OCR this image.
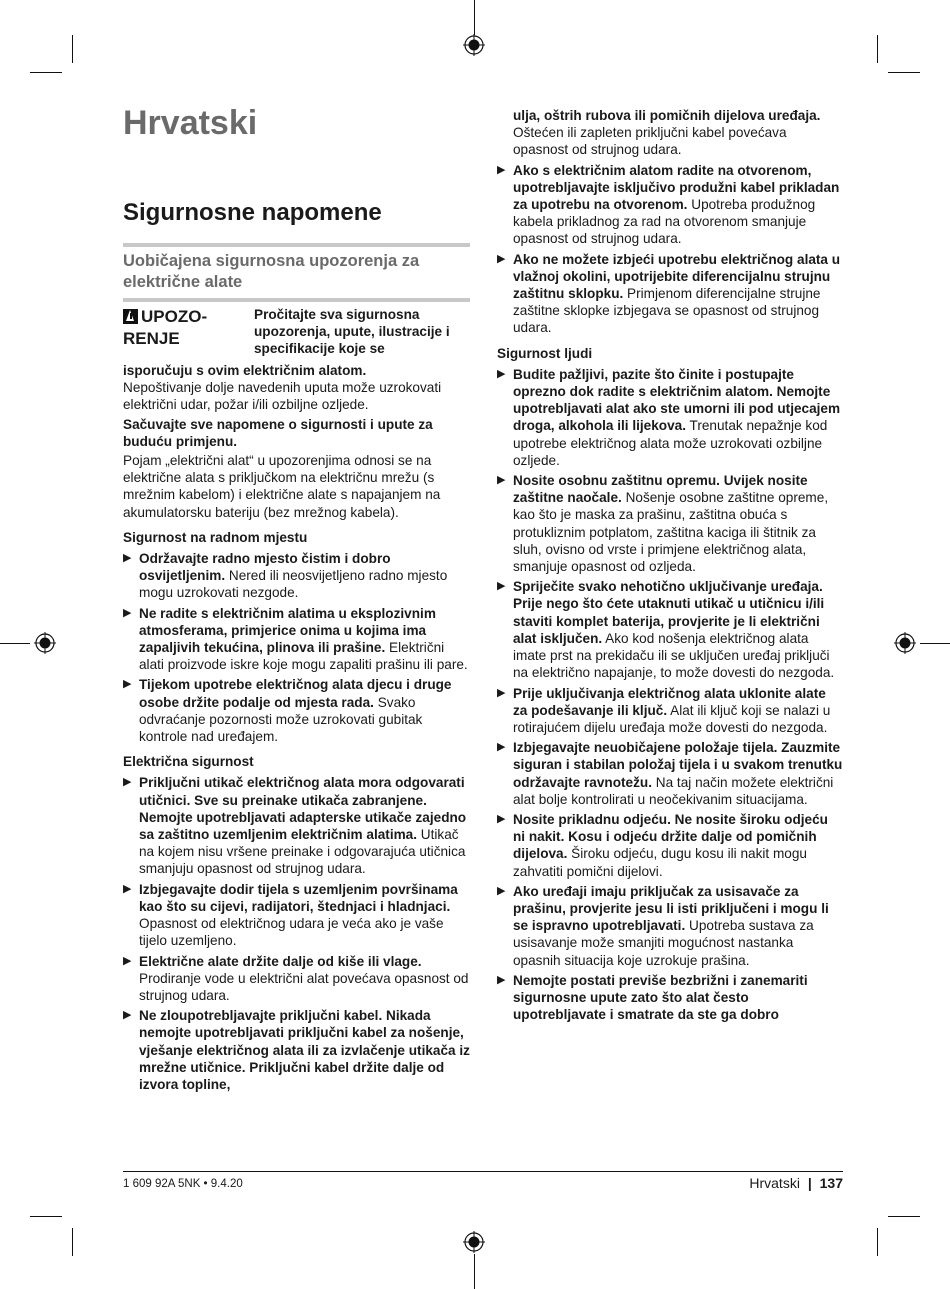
Hrvatski
Sigurnosne napomene
Uobičajena sigurnosna upozorenja za električne alate
UPOZO-
RENJE
Pročitajte sva sigurnosna upozorenja, upute, ilustracije i specifikacije koje se

isporučuju s ovim električnim alatom.

Nepoštivanje dolje navedenih uputa može uzrokovati električni udar, požar i/ili ozbiljne ozljede.

Sačuvajte sve napomene o sigurnosti i upute za buduću primjenu.

Pojam „električni alat“ u upozorenjima odnosi se na električne alata s priključkom na električnu mrežu (s mrežnim kabelom) i električne alate s napajanjem na akumulatorsku bateriju (bez mrežnog kabela).

Sigurnost na radnom mjestu

▶ Održavajte radno mjesto čistim i dobro osvijetljenim. Nered ili neosvijetljeno radno mjesto mogu uzrokovati nezgode.

▶ Ne radite s električnim alatima u eksplozivnim atmosferama, primjerice onima u kojima ima zapaljivih tekućina, plinova ili prašine. Električni alati proizvode iskre koje mogu zapaliti prašinu ili pare.

▶ Tijekom upotrebe električnog alata djecu i druge osobe držite podalje od mjesta rada. Svako odvraćanje pozornosti može uzrokovati gubitak kontrole nad uređajem.

Električna sigurnost

▶ Priključni utikač električnog alata mora odgovarati utičnici. Sve su preinake utikača zabranjene. Nemojte upotrebljavati adapterske utikače zajedno sa zaštitno uzemljenim električnim alatima. Utikač na kojem nisu vršene preinake i odgovarajuća utičnica smanjuju opasnost od strujnog udara.

▶ Izbjegavajte dodir tijela s uzemljenim površinama kao što su cijevi, radijatori, štednjaci i hladnjaci. Opasnost od električnog udara je veća ako je vaše tijelo uzemljeno.

▶ Električne alate držite dalje od kiše ili vlage. Prodiranje vode u električni alat povećava opasnost od strujnog udara.

▶ Ne zloupotrebljavajte priključni kabel. Nikada nemojte upotrebljavati priključni kabel za nošenje, vješanje električnog alata ili za izvlačenje utikača iz mrežne utičnice. Priključni kabel držite dalje od izvora topline,

ulja, oštrih rubova ili pomičnih dijelova uređaja. Oštećen ili zapleten priključni kabel povećava opasnost od strujnog udara.

▶ Ako s električnim alatom radite na otvorenom, upotrebljavajte isključivo produžni kabel prikladan za upotrebu na otvorenom. Upotreba produžnog kabela prikladnog za rad na otvorenom smanjuje opasnost od strujnog udara.

▶ Ako ne možete izbjeći upotrebu električnog alata u vlažnoj okolini, upotrijebite diferencijalnu strujnu zaštitnu sklopku. Primjenom diferencijalne strujne zaštitne sklopke izbjegava se opasnost od strujnog udara.

Sigurnost ljudi

▶ Budite pažljivi, pazite što činite i postupajte oprezno dok radite s električnim alatom. Nemojte upotrebljavati alat ako ste umorni ili pod utjecajem droga, alkohola ili lijekova. Trenutak nepažnje kod upotrebe električnog alata može uzrokovati ozbiljne ozljede.

▶ Nosite osobnu zaštitnu opremu. Uvijek nosite zaštitne naočale. Nošenje osobne zaštitne opreme, kao što je maska za prašinu, zaštitna obuća s protukliznim potplatom, zaštitna kaciga ili štitnik za sluh, ovisno od vrste i primjene električnog alata, smanjuje opasnost od ozljeda.

▶ Spriječite svako nehotično uključivanje uređaja. Prije nego što ćete utaknuti utikač u utičnicu i/ili staviti komplet baterija, provjerite je li električni alat isključen. Ako kod nošenja električnog alata imate prst na prekidaču ili se uključen uređaj priključi na električno napajanje, to može dovesti do nezgoda.

▶ Prije uključivanja električnog alata uklonite alate za podešavanje ili ključ. Alat ili ključ koji se nalazi u rotirajućem dijelu uređaja može dovesti do nezgoda.

▶ Izbjegavajte neuobičajene položaje tijela. Zauzmite siguran i stabilan položaj tijela i u svakom trenutku održavajte ravnotežu. Na taj način možete električni alat bolje kontrolirati u neočekivanim situacijama.

▶ Nosite prikladnu odjeću. Ne nosite široku odjeću ni nakit. Kosu i odjeću držite dalje od pomičnih dijelova. Široku odjeću, dugu kosu ili nakit mogu zahvatiti pomični dijelovi.

▶ Ako uređaji imaju priključak za usisavače za prašinu, provjerite jesu li isti priključeni i mogu li se ispravno upotrebljavati. Upotreba sustava za usisavanje može smanjiti mogućnost nastanka opasnih situacija koje uzrokuje prašina.

▶ Nemojte postati previše bezbrižni i zanemariti sigurnosne upute zato što alat često upotrebljavate i smatrate da ste ga dobro

1 609 92A 5NK • 9.4.20	Hrvatski | 137
